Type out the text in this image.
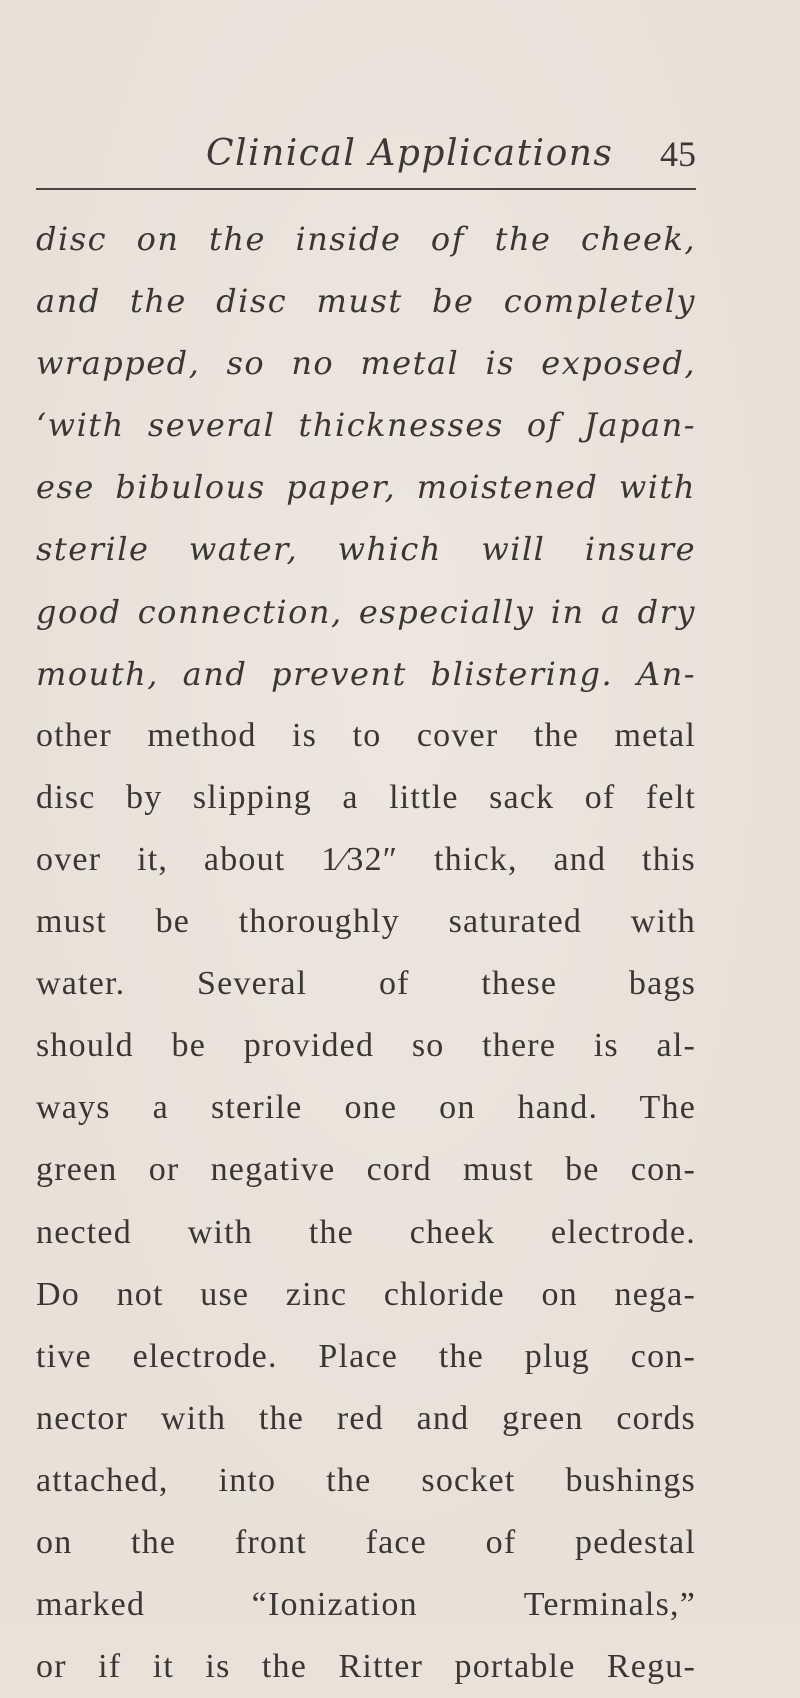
Clinical Applications 45
disc on the inside of the cheek,
and the disc must be completely
wrapped, so no metal is exposed,
‘with several thicknesses of Japan-
ese bibulous paper, moistened with
sterile water, which will insure
good connection, especially in a dry
mouth, and prevent blistering. An-
other method is to cover the metal
disc by slipping a little sack of felt
over it, about 1⁄32″ thick, and this
must be thoroughly saturated with
water. Several of these bags
should be provided so there is al-
ways a sterile one on hand. The
green or negative cord must be con-
nected with the cheek electrode.
Do not use zinc chloride on nega-
tive electrode. Place the plug con-
nector with the red and green cords
attached, into the socket bushings
on the front face of pedestal
marked “Ionization Terminals,”
or if it is the Ritter portable Regu-
